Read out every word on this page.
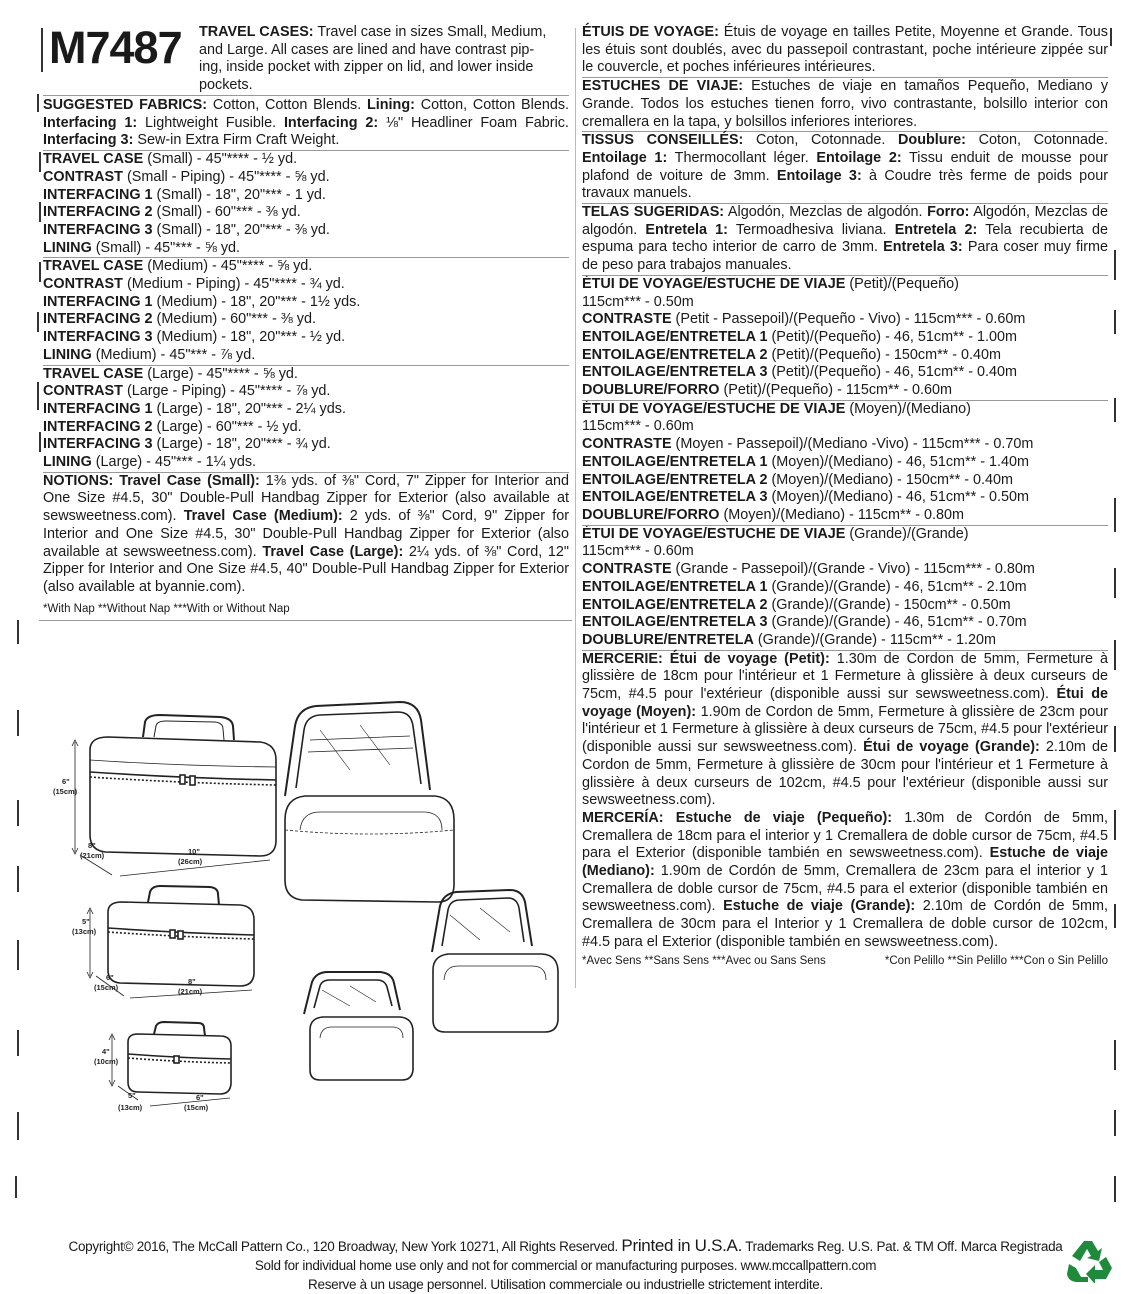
M7487 TRAVEL CASES: Travel case in sizes Small, Medium,
and Large. All cases are lined and have contrast pip-
ing, inside pocket with zipper on lid, and lower inside
pockets.
SUGGESTED FABRICS: Cotton, Cotton Blends. Lining: Cotton, Cotton Blends. Interfacing 1: Lightweight Fusible. Interfacing 2: ⅛" Headliner Foam Fabric. Interfacing 3: Sew-in Extra Firm Craft Weight.
TRAVEL CASE (Small) - 45"**** - ½ yd.
CONTRAST (Small - Piping) - 45"**** - ⅝ yd.
INTERFACING 1 (Small) - 18", 20"*** - 1 yd.
INTERFACING 2 (Small) - 60"*** - ⅜ yd.
INTERFACING 3 (Small) - 18", 20"*** - ⅜ yd.
LINING (Small) - 45"*** - ⅝ yd.
TRAVEL CASE (Medium) - 45"**** - ⅝ yd.
CONTRAST (Medium - Piping) - 45"**** - ¾ yd.
INTERFACING 1 (Medium) - 18", 20"*** - 1½ yds.
INTERFACING 2 (Medium) - 60"*** - ⅜ yd.
INTERFACING 3 (Medium) - 18", 20"*** - ½ yd.
LINING (Medium) - 45"*** - ⅞ yd.
TRAVEL CASE (Large) - 45"**** - ⅝ yd.
CONTRAST (Large - Piping) - 45"**** - ⅞ yd.
INTERFACING 1 (Large) - 18", 20"*** - 2¼ yds.
INTERFACING 2 (Large) - 60"*** - ½ yd.
INTERFACING 3 (Large) - 18", 20"*** - ¾ yd.
LINING (Large) - 45"*** - 1¼ yds.
NOTIONS: Travel Case (Small): 1⅜ yds. of ⅜" Cord, 7" Zipper for Interior and One Size #4.5, 30" Double-Pull Handbag Zipper for Exterior (also available at sewsweetness.com). Travel Case (Medium): 2 yds. of ⅜" Cord, 9" Zipper for Interior and One Size #4.5, 30" Double-Pull Handbag Zipper for Exterior (also available at sewsweetness.com). Travel Case (Large): 2¼ yds. of ⅜" Cord, 12" Zipper for Interior and One Size #4.5, 40" Double-Pull Handbag Zipper for Exterior (also available at byannie.com).
*With Nap **Without Nap ***With or Without Nap
ÉTUIS DE VOYAGE: Étuis de voyage en tailles Petite, Moyenne et Grande. Tous les étuis sont doublés, avec du passepoil contrastant, poche intérieure zippée sur le couvercle, et poches inférieures intérieures.
ESTUCHES DE VIAJE: Estuches de viaje en tamaños Pequeño, Mediano y Grande. Todos los estuches tienen forro, vivo contrastante, bolsillo interior con cremallera en la tapa, y bolsillos inferiores interiores.
TISSUS CONSEILLÉS: Coton, Cotonnade. Doublure: Coton, Cotonnade. Entoilage 1: Thermocollant léger. Entoilage 2: Tissu enduit de mousse pour plafond de voiture de 3mm. Entoilage 3: à Coudre très ferme de poids pour travaux manuels.
TELAS SUGERIDAS: Algodón, Mezclas de algodón. Forro: Algodón, Mezclas de algodón. Entretela 1: Termoadhesiva liviana. Entretela 2: Tela recubierta de espuma para techo interior de carro de 3mm. Entretela 3: Para coser muy firme de peso para trabajos manuales.
ÉTUI DE VOYAGE/ESTUCHE DE VIAJE (Petit)/(Pequeño)
115cm*** - 0.50m
CONTRASTE (Petit - Passepoil)/(Pequeño - Vivo) - 115cm*** - 0.60m
ENTOILAGE/ENTRETELA 1 (Petit)/(Pequeño) - 46, 51cm** - 1.00m
ENTOILAGE/ENTRETELA 2 (Petit)/(Pequeño) - 150cm** - 0.40m
ENTOILAGE/ENTRETELA 3 (Petit)/(Pequeño) - 46, 51cm** - 0.40m
DOUBLURE/FORRO (Petit)/(Pequeño) - 115cm** - 0.60m
ÉTUI DE VOYAGE/ESTUCHE DE VIAJE (Moyen)/(Mediano)
115cm*** - 0.60m
CONTRASTE (Moyen - Passepoil)/(Mediano -Vivo) - 115cm*** - 0.70m
ENTOILAGE/ENTRETELA 1 (Moyen)/(Mediano) - 46, 51cm** - 1.40m
ENTOILAGE/ENTRETELA 2 (Moyen)/(Mediano) - 150cm** - 0.40m
ENTOILAGE/ENTRETELA 3 (Moyen)/(Mediano) - 46, 51cm** - 0.50m
DOUBLURE/FORRO (Moyen)/(Mediano) - 115cm** - 0.80m
ÉTUI DE VOYAGE/ESTUCHE DE VIAJE (Grande)/(Grande)
115cm*** - 0.60m
CONTRASTE (Grande - Passepoil)/(Grande - Vivo) - 115cm*** - 0.80m
ENTOILAGE/ENTRETELA 1 (Grande)/(Grande) - 46, 51cm** - 2.10m
ENTOILAGE/ENTRETELA 2 (Grande)/(Grande) - 150cm** - 0.50m
ENTOILAGE/ENTRETELA 3 (Grande)/(Grande) - 46, 51cm** - 0.70m
DOUBLURE/ENTRETELA (Grande)/(Grande) - 115cm** - 1.20m
MERCERIE: Étui de voyage (Petit): 1.30m de Cordon de 5mm, Fermeture à glissière de 18cm pour l'intérieur et 1 Fermeture à glissière à deux curseurs de 75cm, #4.5 pour l'extérieur (disponible aussi sur sewsweetness.com). Étui de voyage (Moyen): 1.90m de Cordon de 5mm, Fermeture à glissière de 23cm pour l'intérieur et 1 Fermeture à glissière à deux curseurs de 75cm, #4.5 pour l'extérieur (disponible aussi sur sewsweetness.com). Étui de voyage (Grande): 2.10m de Cordon de 5mm, Fermeture à glissière de 30cm pour l'intérieur et 1 Fermeture à glissière à deux curseurs de 102cm, #4.5 pour l'extérieur (disponible aussi sur sewsweetness.com).
MERCERÍA: Estuche de viaje (Pequeño): 1.30m de Cordón de 5mm, Cremallera de 18cm para el interior y 1 Cremallera de doble cursor de 75cm, #4.5 para el Exterior (disponible también en sewsweetness.com). Estuche de viaje (Mediano): 1.90m de Cordón de 5mm, Cremallera de 23cm para el interior y 1 Cremallera de doble cursor de 75cm, #4.5 para el exterior (disponible también en sewsweetness.com). Estuche de viaje (Grande): 2.10m de Cordón de 5mm, Cremallera de 30cm para el Interior y 1 Cremallera de doble cursor de 102cm, #4.5 para el Exterior (disponible también en sewsweetness.com).
*Avec Sens **Sans Sens ***Avec ou Sans Sens	*Con Pelillo **Sin Pelillo ***Con o Sin Pelillo
6"
(15cm)
8"
(21cm)	10"
(26cm)
5"
(13cm)
6"
(15cm)
8"
(21cm)
4"
(10cm)
5"
(13cm)
6"
(15cm)
Copyright© 2016, The McCall Pattern Co., 120 Broadway, New York 10271, All Rights Reserved. Printed in U.S.A. Trademarks Reg. U.S. Pat. & TM Off. Marca Registrada
Sold for individual home use only and not for commercial or manufacturing purposes. www.mccallpattern.com
Reserve à un usage personnel. Utilisation commerciale ou industrielle strictement interdite.
